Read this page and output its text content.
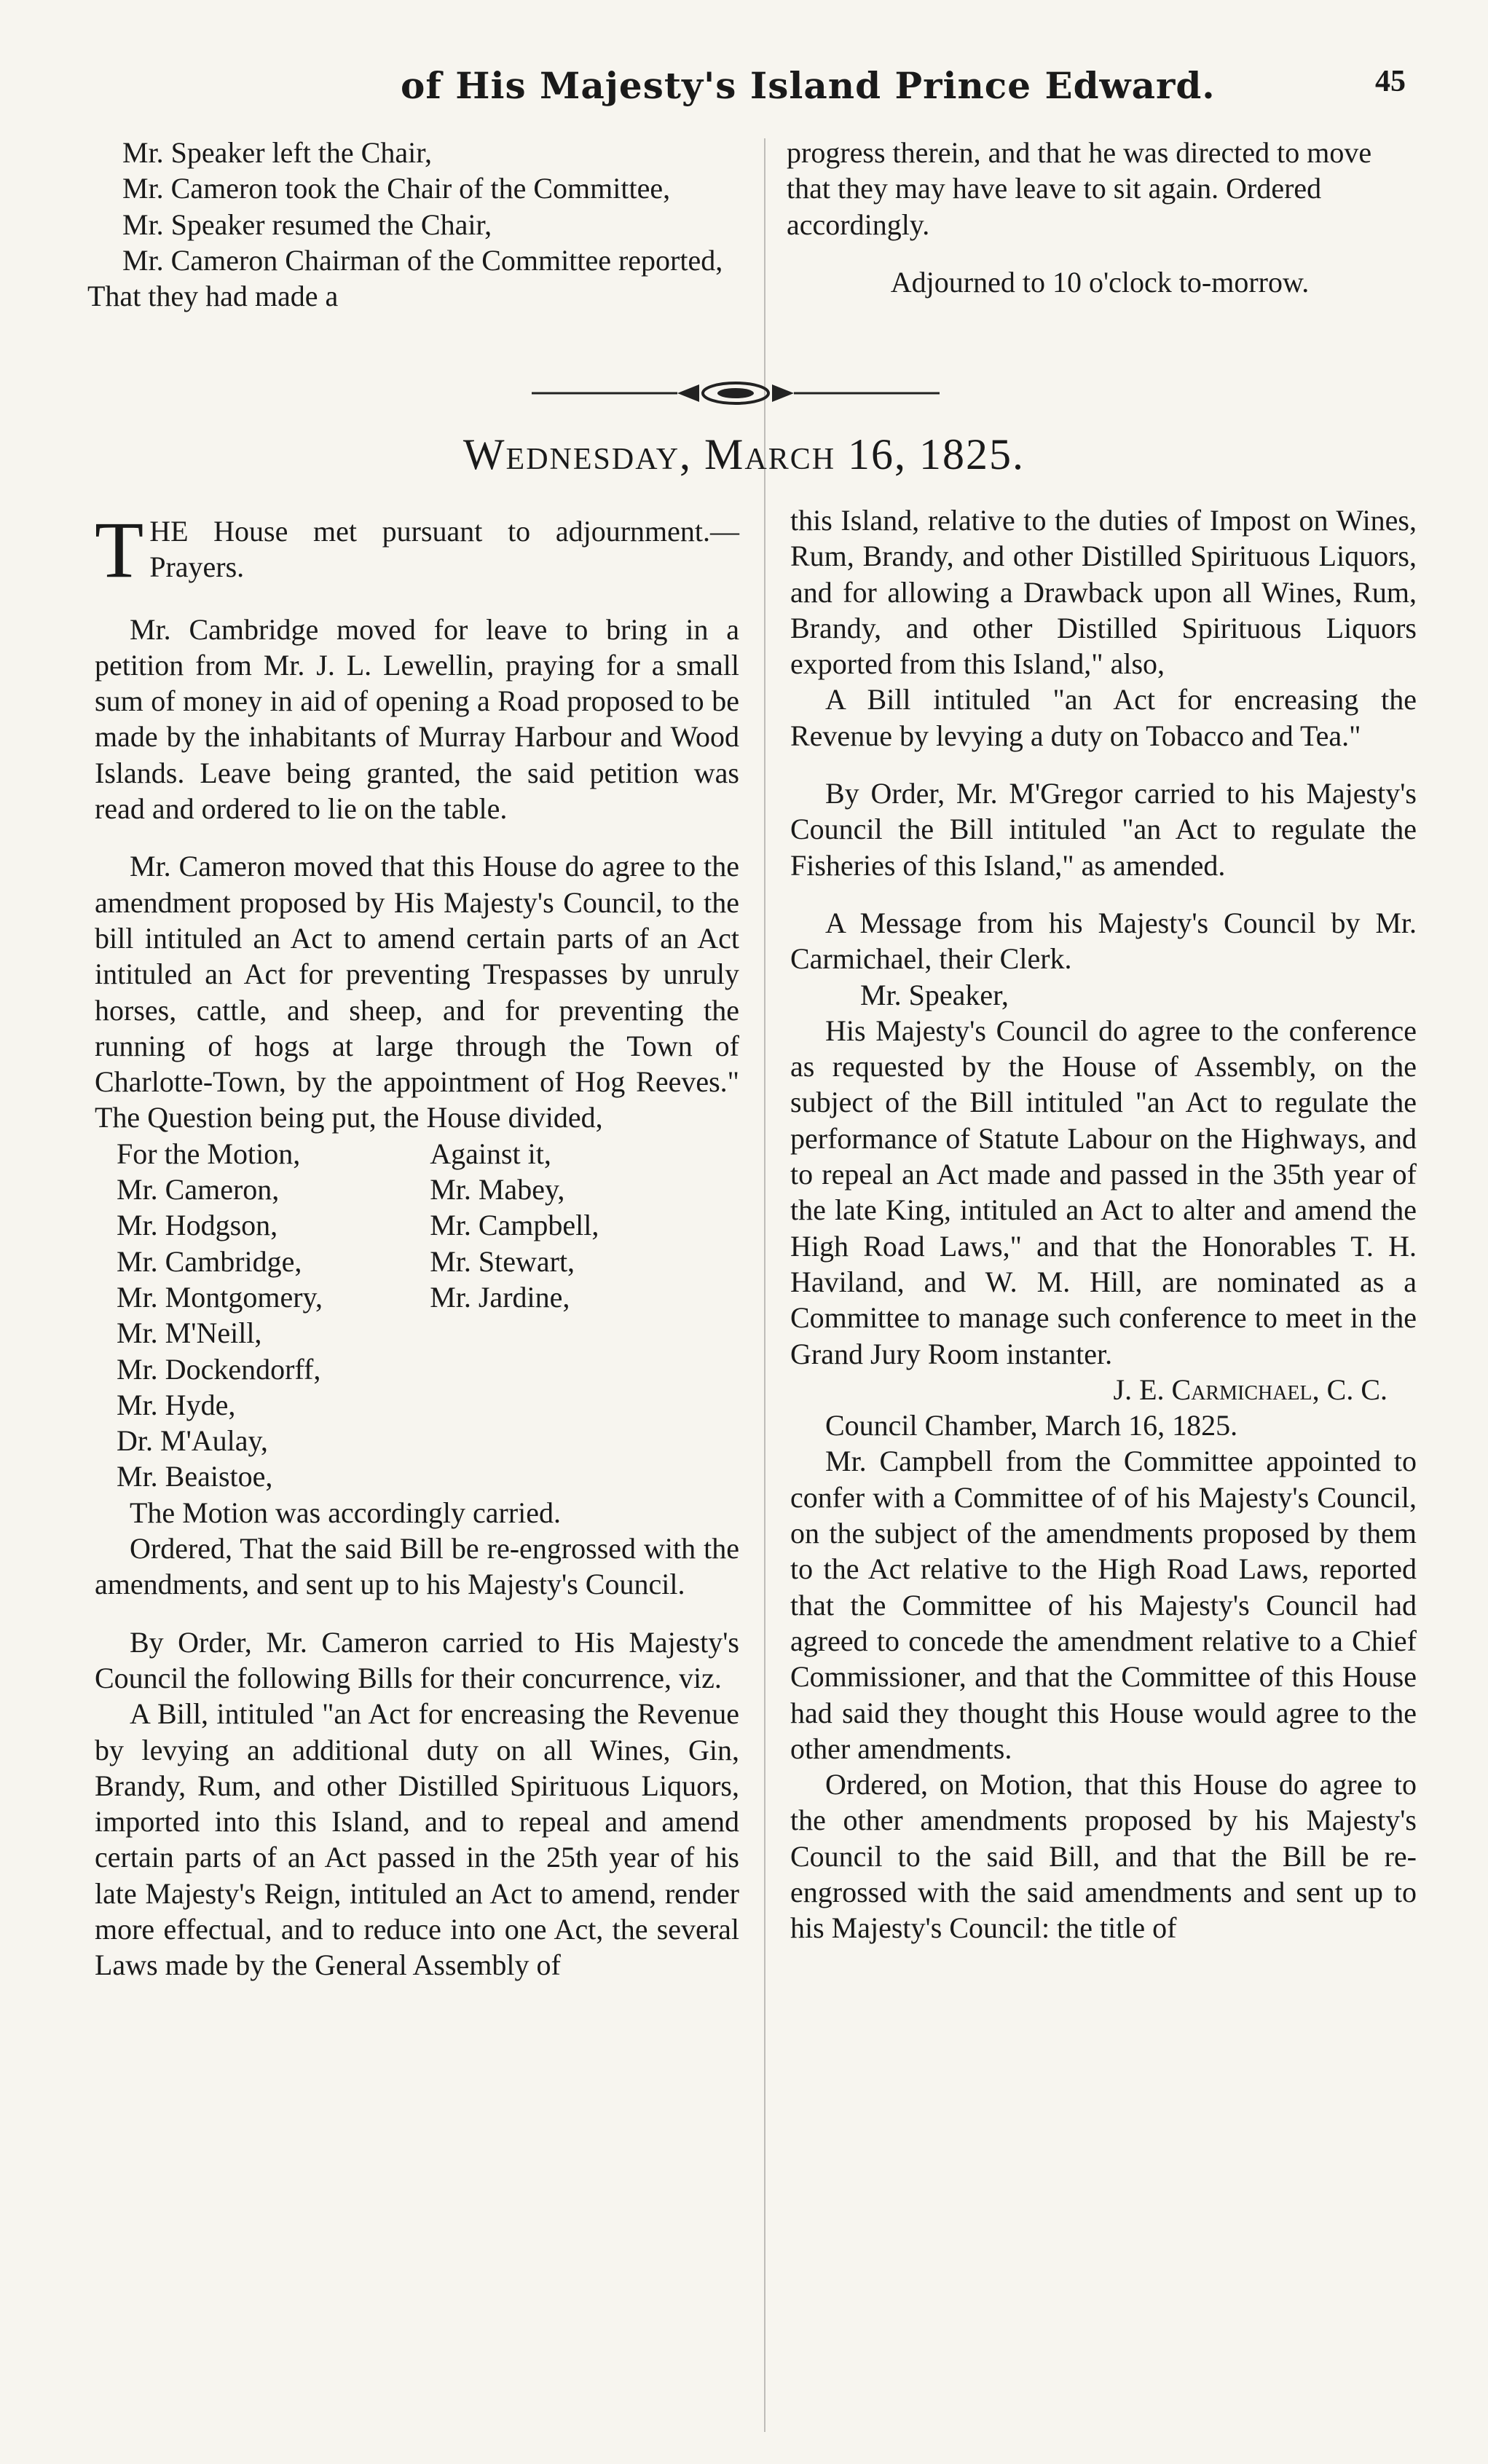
of His Majesty's Island Prince Edward.	45

Mr. Speaker left the Chair,

Mr. Cameron took the Chair of the Committee,

Mr. Speaker resumed the Chair,

Mr. Cameron Chairman of the Committee reported, That they had made a

progress therein, and that he was directed to move that they may have leave to sit again. Ordered accordingly.

Adjourned to 10 o'clock to-morrow.

Wednesday, March 16, 1825.

THE House met pursuant to adjournment.—Prayers.

Mr. Cambridge moved for leave to bring in a petition from Mr. J. L. Lewellin, praying for a small sum of money in aid of opening a Road proposed to be made by the inhabitants of Murray Harbour and Wood Islands. Leave being granted, the said petition was read and ordered to lie on the table.

Mr. Cameron moved that this House do agree to the amendment proposed by His Majesty's Council, to the bill intituled an Act to amend certain parts of an Act intituled an Act for preventing Trespasses by unruly horses, cattle, and sheep, and for preventing the running of hogs at large through the Town of Charlotte-Town, by the appointment of Hog Reeves." The Question being put, the House divided,

For the Motion,	Against it,
Mr. Cameron,	Mr. Mabey,
Mr. Hodgson,	Mr. Campbell,
Mr. Cambridge,	Mr. Stewart,
Mr. Montgomery,	Mr. Jardine,
Mr. M'Neill,	
Mr. Dockendorff,	
Mr. Hyde,	
Dr. M'Aulay,	
Mr. Beaistoe,	

The Motion was accordingly carried.

Ordered, That the said Bill be re-engrossed with the amendments, and sent up to his Majesty's Council.

By Order, Mr. Cameron carried to His Majesty's Council the following Bills for their concurrence, viz.

A Bill, intituled "an Act for encreasing the Revenue by levying an additional duty on all Wines, Gin, Brandy, Rum, and other Distilled Spirituous Liquors, imported into this Island, and to repeal and amend certain parts of an Act passed in the 25th year of his late Majesty's Reign, intituled an Act to amend, render more effectual, and to reduce into one Act, the several Laws made by the General Assembly of

this Island, relative to the duties of Impost on Wines, Rum, Brandy, and other Distilled Spirituous Liquors, and for allowing a Drawback upon all Wines, Rum, Brandy, and other Distilled Spirituous Liquors exported from this Island," also,

A Bill intituled "an Act for encreasing the Revenue by levying a duty on Tobacco and Tea."

By Order, Mr. M'Gregor carried to his Majesty's Council the Bill intituled "an Act to regulate the Fisheries of this Island," as amended.

A Message from his Majesty's Council by Mr. Carmichael, their Clerk.

Mr. Speaker,

His Majesty's Council do agree to the conference as requested by the House of Assembly, on the subject of the Bill intituled "an Act to regulate the performance of Statute Labour on the Highways, and to repeal an Act made and passed in the 35th year of the late King, intituled an Act to alter and amend the High Road Laws," and that the Honorables T. H. Haviland, and W. M. Hill, are nominated as a Committee to manage such conference to meet in the Grand Jury Room instanter.

J. E. Carmichael, C. C.

Council Chamber, March 16, 1825.

Mr. Campbell from the Committee appointed to confer with a Committee of of his Majesty's Council, on the subject of the amendments proposed by them to the Act relative to the High Road Laws, reported that the Committee of his Majesty's Council had agreed to concede the amendment relative to a Chief Commissioner, and that the Committee of this House had said they thought this House would agree to the other amendments.

Ordered, on Motion, that this House do agree to the other amendments proposed by his Majesty's Council to the said Bill, and that the Bill be re-engrossed with the said amendments and sent up to his Majesty's Council: the title of
